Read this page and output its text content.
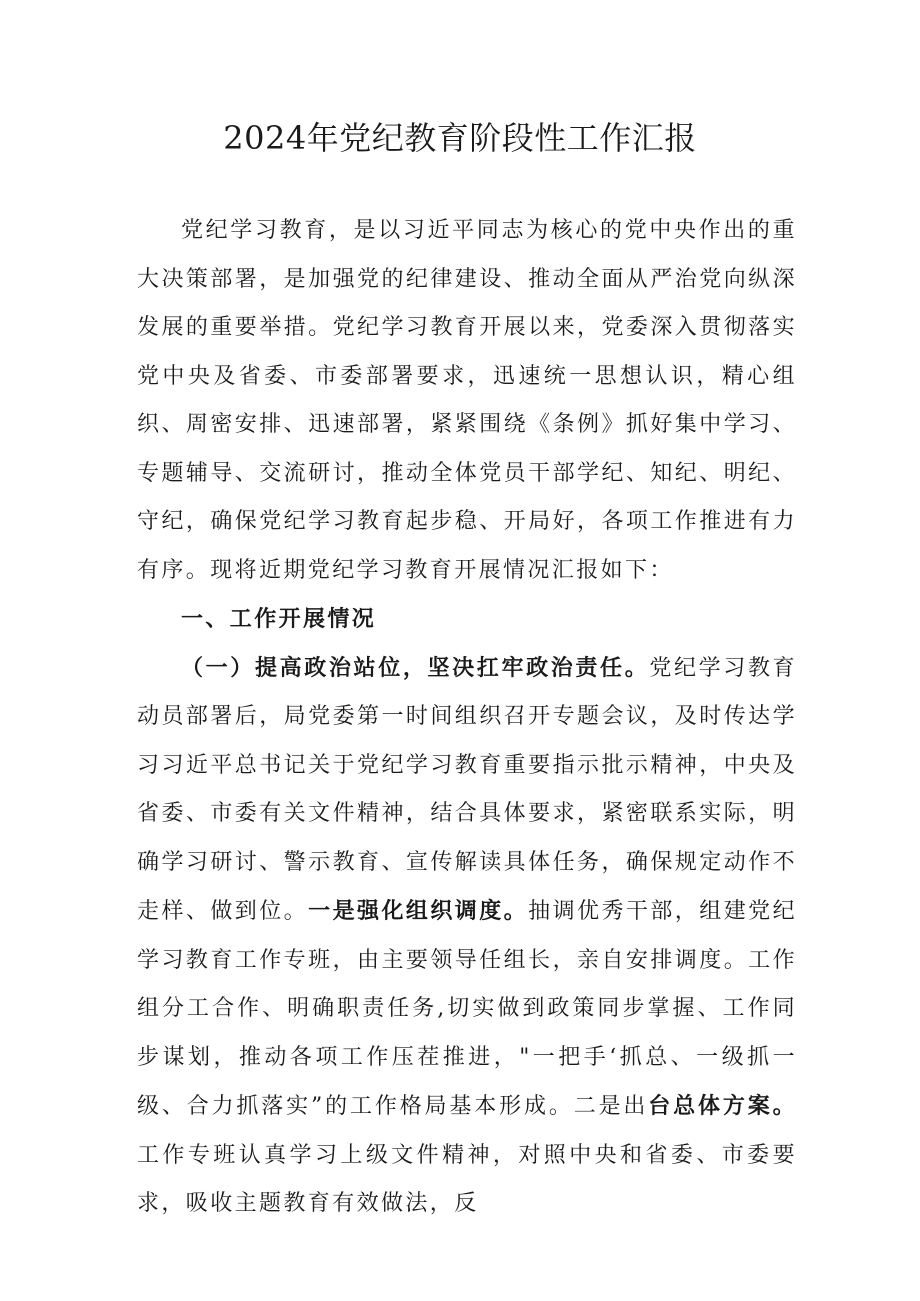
2024年党纪教育阶段性工作汇报

党纪学习教育，是以习近平同志为核心的党中央作出的重大决策部署，是加强党的纪律建设、推动全面从严治党向纵深发展的重要举措。党纪学习教育开展以来，党委深入贯彻落实党中央及省委、市委部署要求，迅速统一思想认识，精心组织、周密安排、迅速部署，紧紧围绕《条例》抓好集中学习、专题辅导、交流研讨，推动全体党员干部学纪、知纪、明纪、守纪，确保党纪学习教育起步稳、开局好，各项工作推进有力有序。现将近期党纪学习教育开展情况汇报如下：

一、工作开展情况

（一）提高政治站位，坚决扛牢政治责任。党纪学习教育动员部署后，局党委第一时间组织召开专题会议，及时传达学习习近平总书记关于党纪学习教育重要指示批示精神，中央及省委、市委有关文件精神，结合具体要求，紧密联系实际，明确学习研讨、警示教育、宣传解读具体任务，确保规定动作不走样、做到位。一是强化组织调度。抽调优秀干部，组建党纪学习教育工作专班，由主要领导任组长，亲自安排调度。工作组分工合作、明确职责任务,切实做到政策同步掌握、工作同步谋划，推动各项工作压茬推进，"一把手‘抓总、一级抓一级、合力抓落实”的工作格局基本形成。二是出台总体方案。工作专班认真学习上级文件精神，对照中央和省委、市委要求，吸收主题教育有效做法，反
